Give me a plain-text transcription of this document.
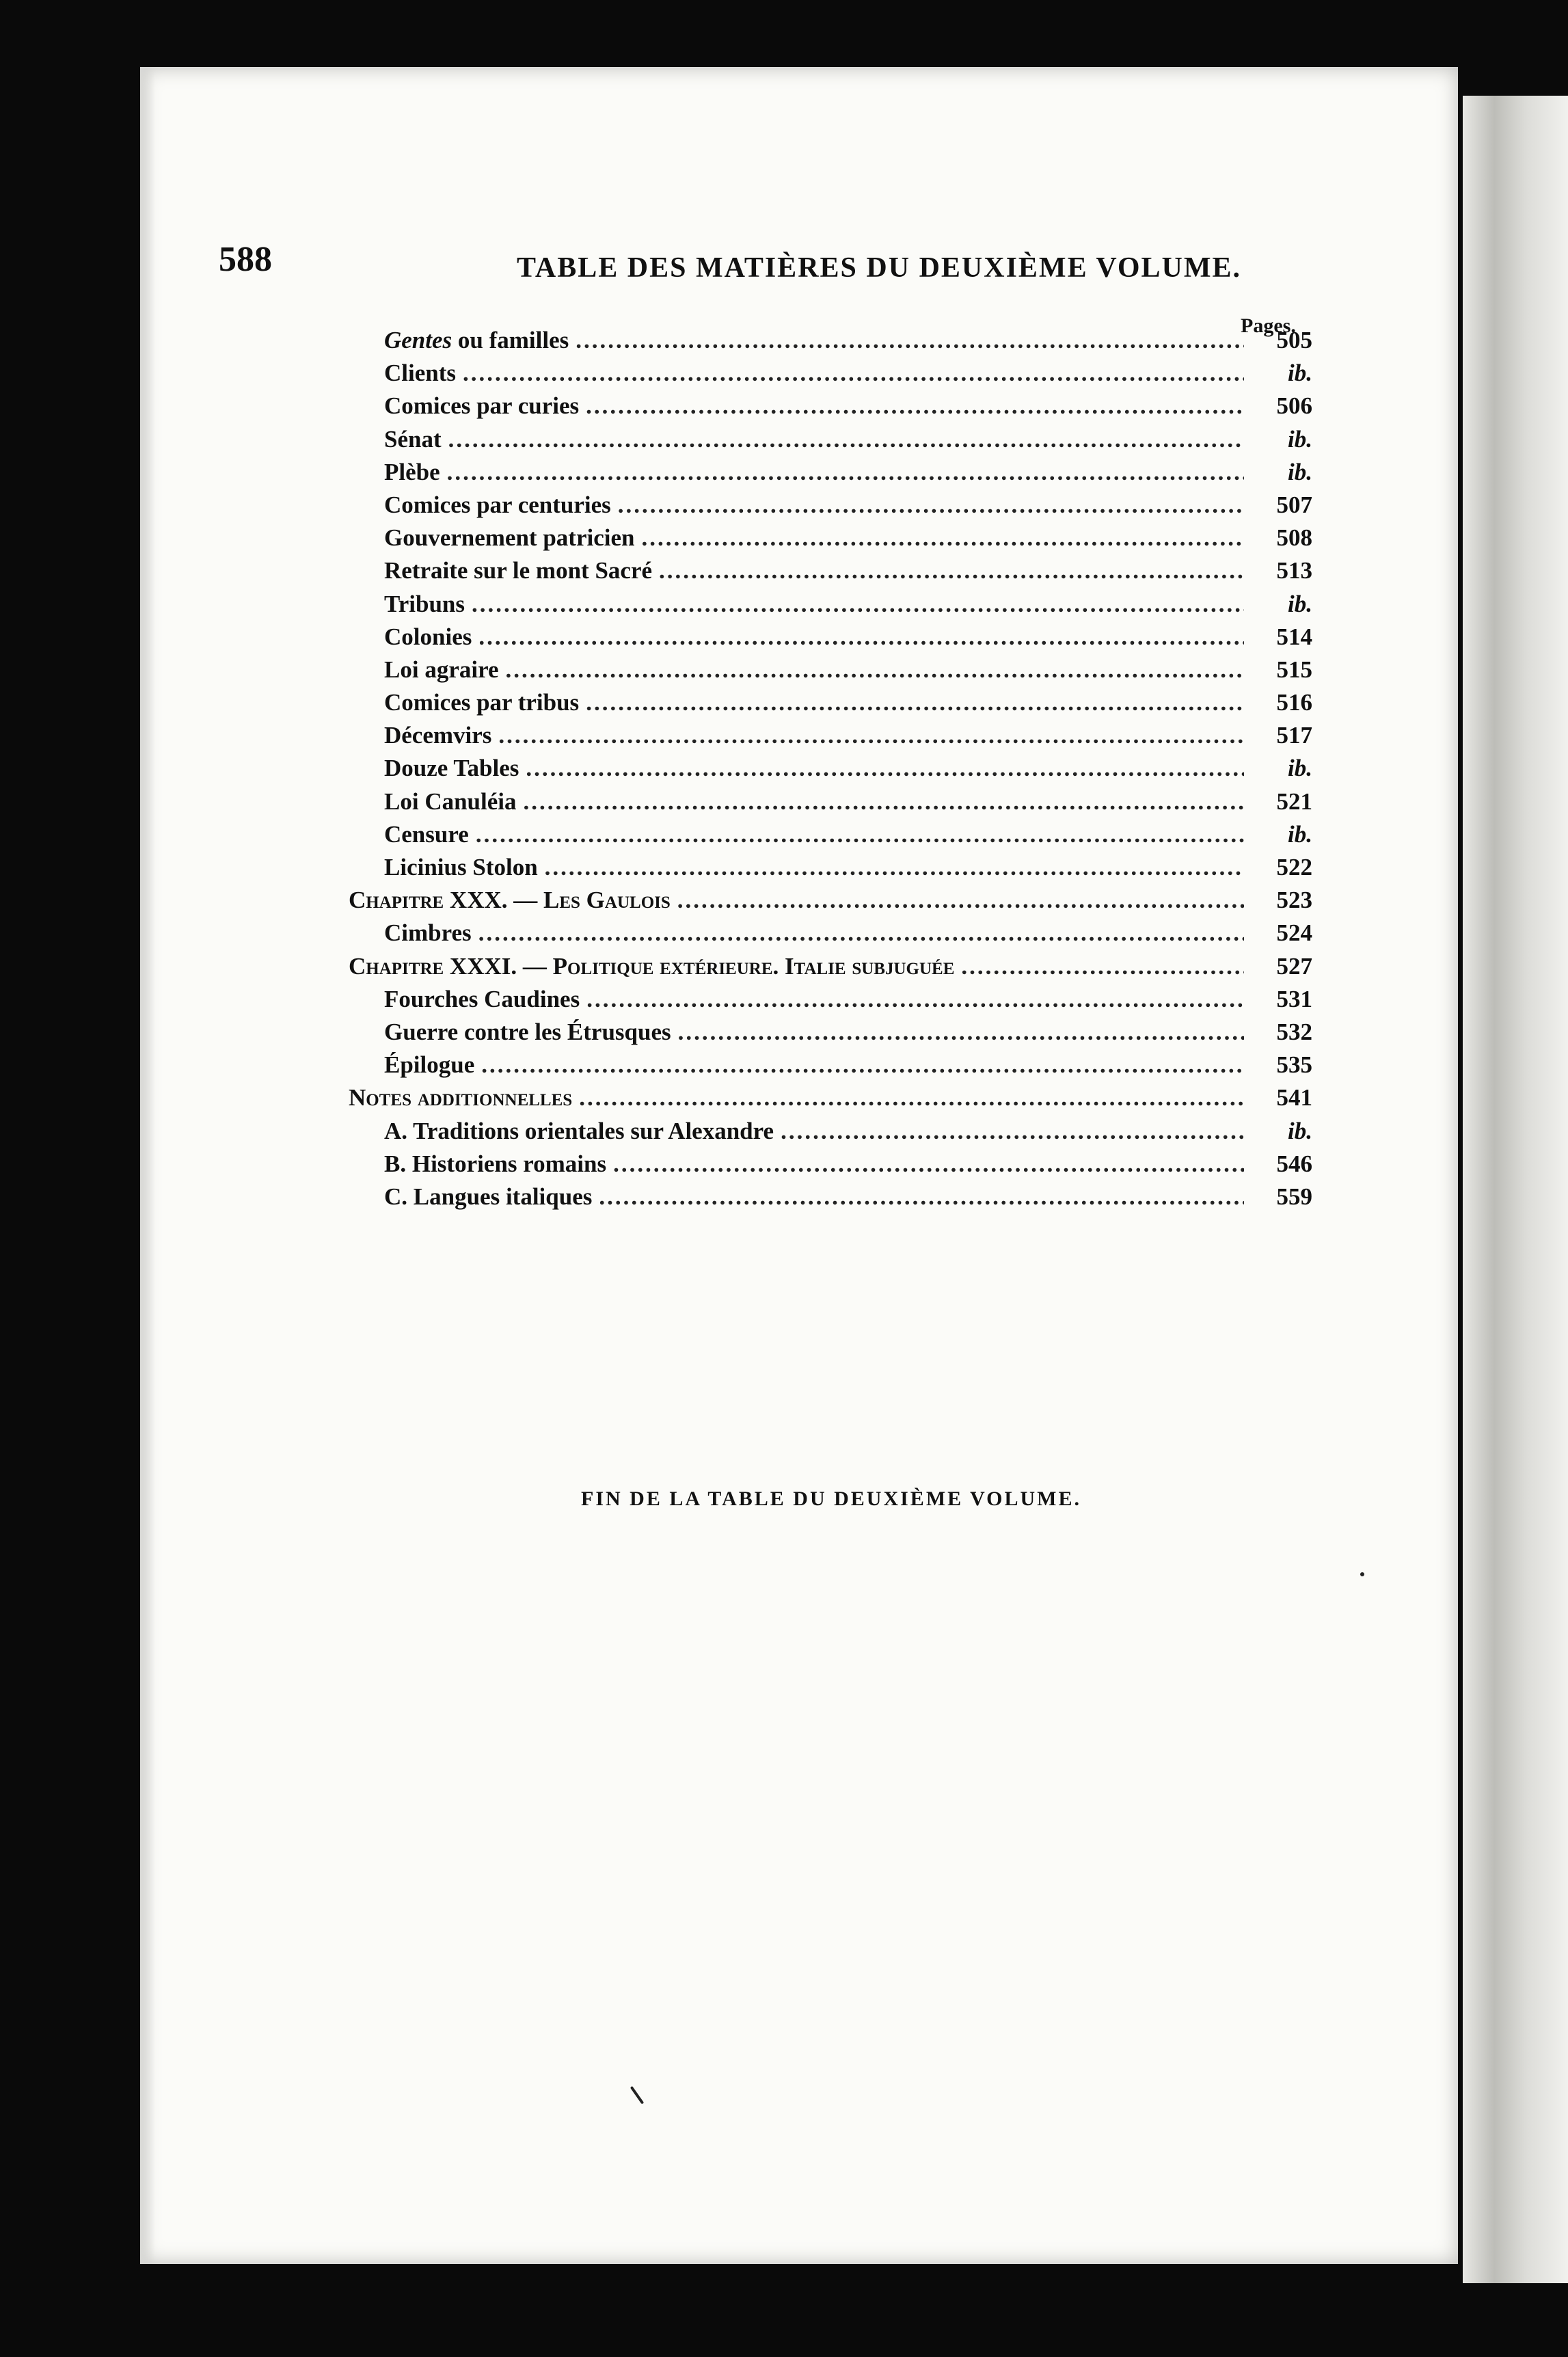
588	TABLE DES MATIÈRES DU DEUXIÈME VOLUME.
Pages.
Gentes ou familles .....	505
Clients .....	ib.
Comices par curies .....	506
Sénat .....	ib.
Plèbe .....	ib.
Comices par centuries .....	507
Gouvernement patricien .....	508
Retraite sur le mont Sacré .....	513
Tribuns .....	ib.
Colonies .....	514
Loi agraire .....	515
Comices par tribus .....	516
Décemvirs .....	517
Douze Tables .....	ib.
Loi Canuléia .....	521
Censure .....	ib.
Licinius Stolon .....	522
Chapitre XXX. — Les Gaulois .....	523
Cimbres .....	524
Chapitre XXXI. — Politique extérieure. Italie subjuguée .....	527
Fourches Caudines .....	531
Guerre contre les Étrusques .....	532
Épilogue .....	535
Notes additionnelles .....	541
A. Traditions orientales sur Alexandre .....	ib.
B. Historiens romains .....	546
C. Langues italiques .....	559
FIN DE LA TABLE DU DEUXIÈME VOLUME.
